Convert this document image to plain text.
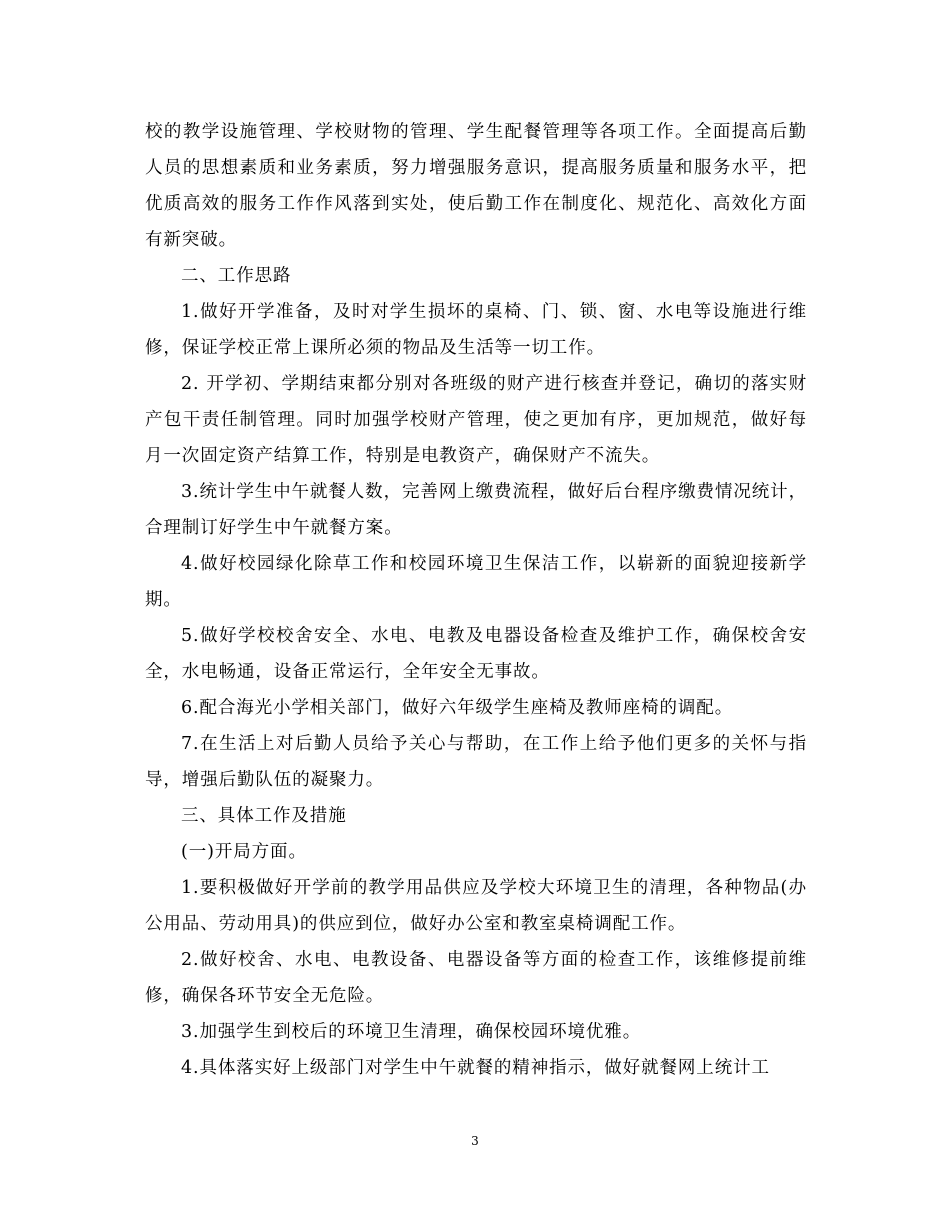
校的教学设施管理、学校财物的管理、学生配餐管理等各项工作。全面提高后勤人员的思想素质和业务素质，努力增强服务意识，提高服务质量和服务水平，把优质高效的服务工作作风落到实处，使后勤工作在制度化、规范化、高效化方面有新突破。

二、工作思路

1.做好开学准备，及时对学生损坏的桌椅、门、锁、窗、水电等设施进行维修，保证学校正常上课所必须的物品及生活等一切工作。

2. 开学初、学期结束都分别对各班级的财产进行核查并登记，确切的落实财产包干责任制管理。同时加强学校财产管理，使之更加有序，更加规范，做好每月一次固定资产结算工作，特别是电教资产，确保财产不流失。

3.统计学生中午就餐人数，完善网上缴费流程，做好后台程序缴费情况统计，合理制订好学生中午就餐方案。

4.做好校园绿化除草工作和校园环境卫生保洁工作，以崭新的面貌迎接新学期。

5.做好学校校舍安全、水电、电教及电器设备检查及维护工作，确保校舍安全，水电畅通，设备正常运行，全年安全无事故。

6.配合海光小学相关部门，做好六年级学生座椅及教师座椅的调配。

7.在生活上对后勤人员给予关心与帮助，在工作上给予他们更多的关怀与指导，增强后勤队伍的凝聚力。

三、具体工作及措施

(一)开局方面。

1.要积极做好开学前的教学用品供应及学校大环境卫生的清理，各种物品(办公用品、劳动用具)的供应到位，做好办公室和教室桌椅调配工作。

2.做好校舍、水电、电教设备、电器设备等方面的检查工作，该维修提前维修，确保各环节安全无危险。

3.加强学生到校后的环境卫生清理，确保校园环境优雅。

4.具体落实好上级部门对学生中午就餐的精神指示，做好就餐网上统计工

3
